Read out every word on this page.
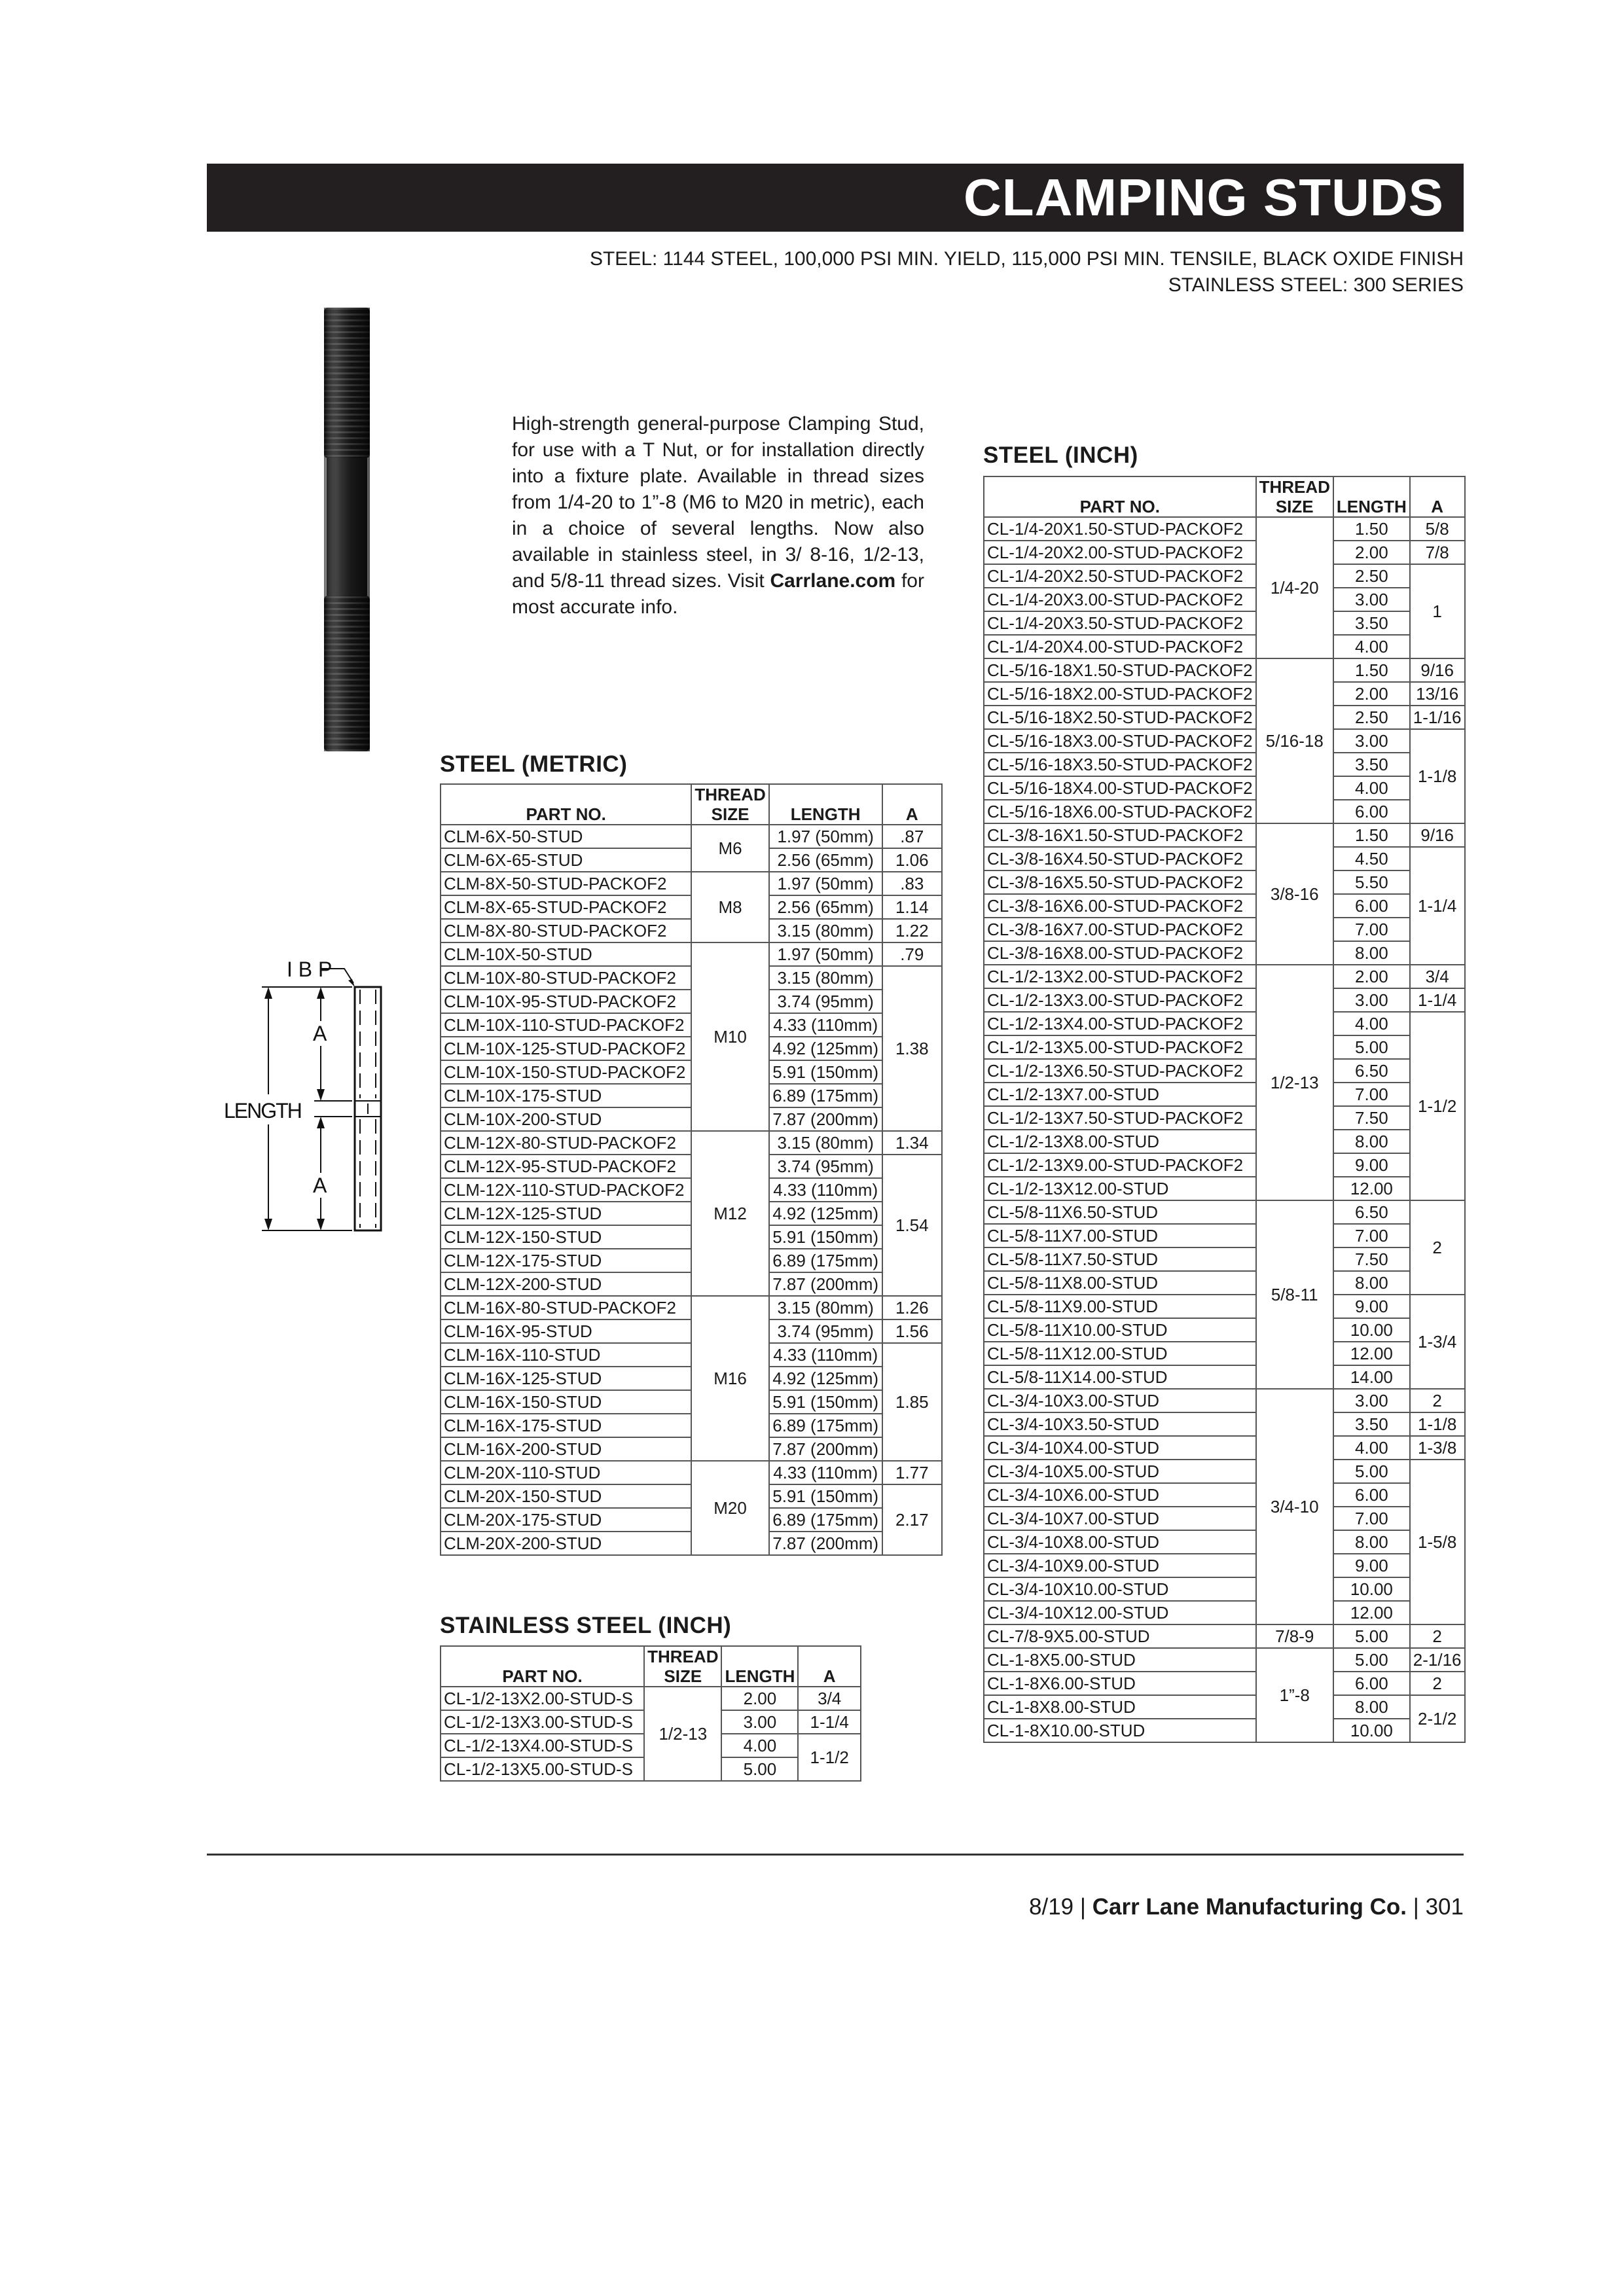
CLAMPING STUDS
STEEL: 1144 STEEL, 100,000 PSI MIN. YIELD, 115,000 PSI MIN. TENSILE, BLACK OXIDE FINISH
STAINLESS STEEL: 300 SERIES
High-strength general-purpose Clamping Stud, for use with a T Nut, or for installation directly into a fixture plate. Available in thread sizes from 1/4-20 to 1”-8 (M6 to M20 in metric), each in a choice of several lengths. Now also available in stainless steel, in 3/ 8-16, 1/2-13, and 5/8-11 thread sizes. Visit Carrlane.com for most accurate info.
I B P
A
LENGTH
A
STEEL (METRIC)
PART NO.	THREAD
SIZE	LENGTH	A
CLM-6X-50-STUD	M6	1.97 (50mm)	.87
CLM-6X-65-STUD		2.56 (65mm)	1.06
CLM-8X-50-STUD-PACKOF2	M8	1.97 (50mm)	.83
CLM-8X-65-STUD-PACKOF2		2.56 (65mm)	1.14
CLM-8X-80-STUD-PACKOF2		3.15 (80mm)	1.22
CLM-10X-50-STUD	M10	1.97 (50mm)	.79
CLM-10X-80-STUD-PACKOF2		3.15 (80mm)	1.38
CLM-10X-95-STUD-PACKOF2		3.74 (95mm)	
CLM-10X-110-STUD-PACKOF2		4.33 (110mm)	
CLM-10X-125-STUD-PACKOF2		4.92 (125mm)	
CLM-10X-150-STUD-PACKOF2		5.91 (150mm)	
CLM-10X-175-STUD		6.89 (175mm)	
CLM-10X-200-STUD		7.87 (200mm)	
CLM-12X-80-STUD-PACKOF2	M12	3.15 (80mm)	1.34
CLM-12X-95-STUD-PACKOF2		3.74 (95mm)	1.54
CLM-12X-110-STUD-PACKOF2		4.33 (110mm)	
CLM-12X-125-STUD		4.92 (125mm)	
CLM-12X-150-STUD		5.91 (150mm)	
CLM-12X-175-STUD		6.89 (175mm)	
CLM-12X-200-STUD		7.87 (200mm)	
CLM-16X-80-STUD-PACKOF2	M16	3.15 (80mm)	1.26
CLM-16X-95-STUD		3.74 (95mm)	1.56
CLM-16X-110-STUD		4.33 (110mm)	1.85
CLM-16X-125-STUD		4.92 (125mm)	
CLM-16X-150-STUD		5.91 (150mm)	
CLM-16X-175-STUD		6.89 (175mm)	
CLM-16X-200-STUD		7.87 (200mm)	
CLM-20X-110-STUD	M20	4.33 (110mm)	1.77
CLM-20X-150-STUD		5.91 (150mm)	2.17
CLM-20X-175-STUD		6.89 (175mm)	
CLM-20X-200-STUD		7.87 (200mm)	
STAINLESS STEEL (INCH)
PART NO.	THREAD
SIZE	LENGTH	A
CL-1/2-13X2.00-STUD-S	1/2-13	2.00	3/4
CL-1/2-13X3.00-STUD-S		3.00	1-1/4
CL-1/2-13X4.00-STUD-S		4.00	1-1/2
CL-1/2-13X5.00-STUD-S		5.00	
STEEL (INCH)
PART NO.	THREAD
SIZE	LENGTH	A
CL-1/4-20X1.50-STUD-PACKOF2	1/4-20	1.50	5/8
CL-1/4-20X2.00-STUD-PACKOF2		2.00	7/8
CL-1/4-20X2.50-STUD-PACKOF2		2.50	1
CL-1/4-20X3.00-STUD-PACKOF2		3.00	
CL-1/4-20X3.50-STUD-PACKOF2		3.50	
CL-1/4-20X4.00-STUD-PACKOF2		4.00	
CL-5/16-18X1.50-STUD-PACKOF2	5/16-18	1.50	9/16
CL-5/16-18X2.00-STUD-PACKOF2		2.00	13/16
CL-5/16-18X2.50-STUD-PACKOF2		2.50	1-1/16
CL-5/16-18X3.00-STUD-PACKOF2		3.00	1-1/8
CL-5/16-18X3.50-STUD-PACKOF2		3.50	
CL-5/16-18X4.00-STUD-PACKOF2		4.00	
CL-5/16-18X6.00-STUD-PACKOF2		6.00	
CL-3/8-16X1.50-STUD-PACKOF2	3/8-16	1.50	9/16
CL-3/8-16X4.50-STUD-PACKOF2		4.50	1-1/4
CL-3/8-16X5.50-STUD-PACKOF2		5.50	
CL-3/8-16X6.00-STUD-PACKOF2		6.00	
CL-3/8-16X7.00-STUD-PACKOF2		7.00	
CL-3/8-16X8.00-STUD-PACKOF2		8.00	
CL-1/2-13X2.00-STUD-PACKOF2	1/2-13	2.00	3/4
CL-1/2-13X3.00-STUD-PACKOF2		3.00	1-1/4
CL-1/2-13X4.00-STUD-PACKOF2		4.00	1-1/2
CL-1/2-13X5.00-STUD-PACKOF2		5.00	
CL-1/2-13X6.50-STUD-PACKOF2		6.50	
CL-1/2-13X7.00-STUD		7.00	
CL-1/2-13X7.50-STUD-PACKOF2		7.50	
CL-1/2-13X8.00-STUD		8.00	
CL-1/2-13X9.00-STUD-PACKOF2		9.00	
CL-1/2-13X12.00-STUD		12.00	
CL-5/8-11X6.50-STUD	5/8-11	6.50	2
CL-5/8-11X7.00-STUD		7.00	
CL-5/8-11X7.50-STUD		7.50	
CL-5/8-11X8.00-STUD		8.00	
CL-5/8-11X9.00-STUD		9.00	1-3/4
CL-5/8-11X10.00-STUD		10.00	
CL-5/8-11X12.00-STUD		12.00	
CL-5/8-11X14.00-STUD		14.00	
CL-3/4-10X3.00-STUD	3/4-10	3.00	2
CL-3/4-10X3.50-STUD		3.50	1-1/8
CL-3/4-10X4.00-STUD		4.00	1-3/8
CL-3/4-10X5.00-STUD		5.00	1-5/8
CL-3/4-10X6.00-STUD		6.00	
CL-3/4-10X7.00-STUD		7.00	
CL-3/4-10X8.00-STUD		8.00	
CL-3/4-10X9.00-STUD		9.00	
CL-3/4-10X10.00-STUD		10.00	
CL-3/4-10X12.00-STUD		12.00	
CL-7/8-9X5.00-STUD	7/8-9	5.00	2
CL-1-8X5.00-STUD	1”-8	5.00	2-1/16
CL-1-8X6.00-STUD		6.00	2
CL-1-8X8.00-STUD		8.00	2-1/2
CL-1-8X10.00-STUD		10.00	
8/19 | Carr Lane Manufacturing Co. | 301
